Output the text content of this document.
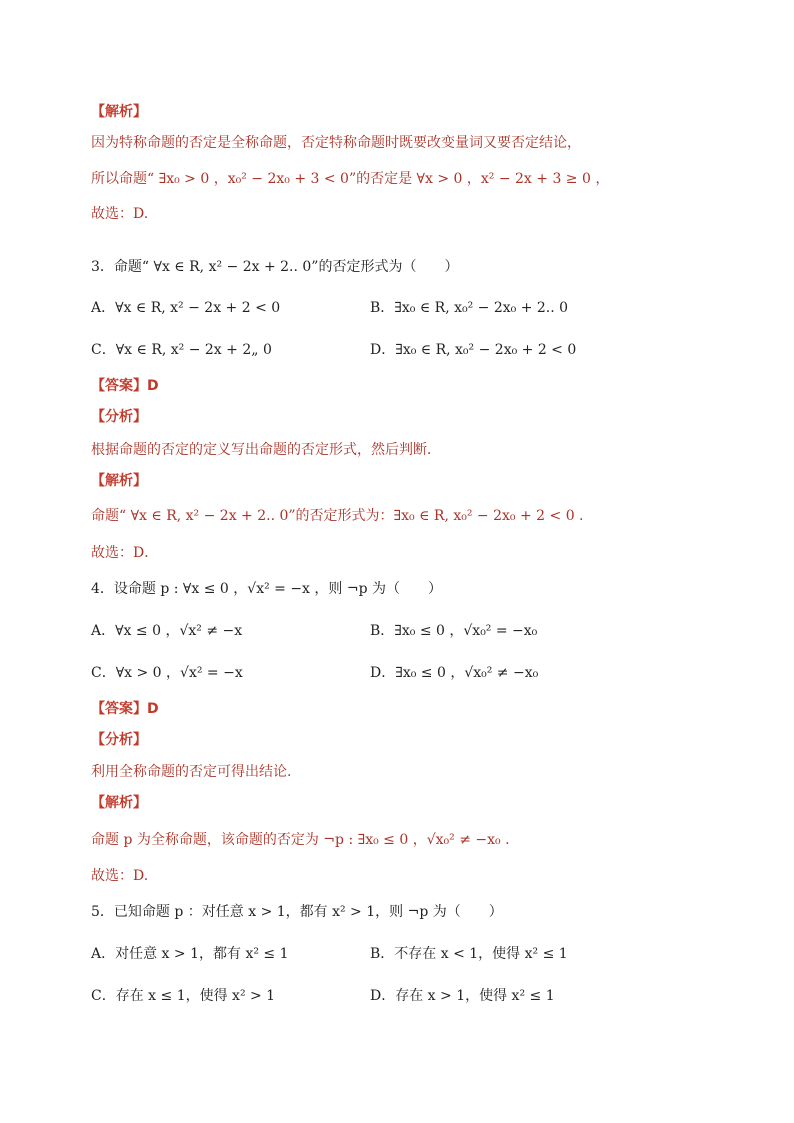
【解析】
因为特称命题的否定是全称命题，否定特称命题时既要改变量词又要否定结论，
所以命题“ ∃x₀ > 0 ，x₀² − 2x₀ + 3 < 0”的否定是 ∀x > 0 ，x² − 2x + 3 ≥ 0 ，
故选：D.
3．命题“ ∀x ∈ R, x² − 2x + 2.. 0”的否定形式为（　　）
A．∀x ∈ R, x² − 2x + 2 < 0	B．∃x₀ ∈ R, x₀² − 2x₀ + 2.. 0
C．∀x ∈ R, x² − 2x + 2„ 0	D．∃x₀ ∈ R, x₀² − 2x₀ + 2 < 0
【答案】D
【分析】
根据命题的否定的定义写出命题的否定形式，然后判断．
【解析】
命题“ ∀x ∈ R, x² − 2x + 2.. 0”的否定形式为：∃x₀ ∈ R, x₀² − 2x₀ + 2 < 0 .
故选：D．
4．设命题 p : ∀x ≤ 0 ，√x² = −x ，则 ¬p 为（　　）
A．∀x ≤ 0 ，√x² ≠ −x	B．∃x₀ ≤ 0 ，√x₀² = −x₀
C．∀x > 0 ，√x² = −x	D．∃x₀ ≤ 0 ，√x₀² ≠ −x₀
【答案】D
【分析】
利用全称命题的否定可得出结论.
【解析】
命题 p 为全称命题，该命题的否定为 ¬p : ∃x₀ ≤ 0 ，√x₀² ≠ −x₀ .
故选：D.
5．已知命题 p ：对任意 x > 1，都有 x² > 1，则 ¬p 为（　　）
A．对任意 x > 1，都有 x² ≤ 1	B．不存在 x < 1，使得 x² ≤ 1
C．存在 x ≤ 1，使得 x² > 1	D．存在 x > 1，使得 x² ≤ 1
